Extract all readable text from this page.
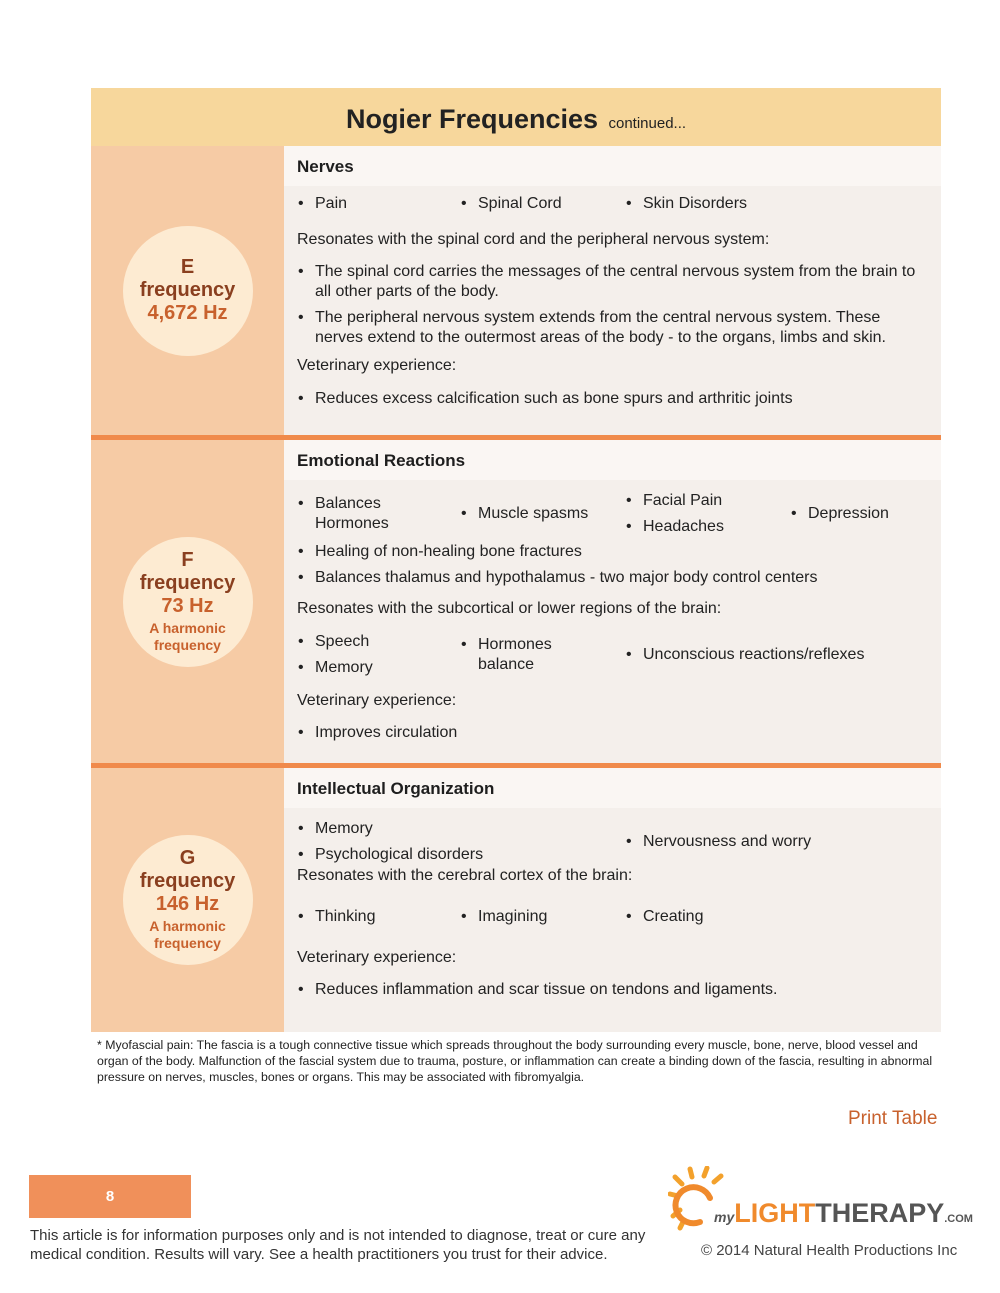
Nogier Frequencies continued...
E
frequency
4,672 Hz
Nerves
• Pain	• Spinal Cord	• Skin Disorders
Resonates with the spinal cord and the peripheral nervous system:
• The spinal cord carries the messages of the central nervous system from the brain to all other parts of the body.
• The peripheral nervous system extends from the central nervous system. These nerves extend to the outermost areas of the body - to the organs, limbs and skin.
Veterinary experience:
• Reduces excess calcification such as bone spurs and arthritic joints
F
frequency
73 Hz
A harmonic frequency
Emotional Reactions
• Balances Hormones
• Muscle spasms
• Facial Pain
• Headaches
• Depression
• Healing of non-healing bone fractures
• Balances thalamus and hypothalamus - two major body control centers
Resonates with the subcortical or lower regions of the brain:
• Speech
• Memory
• Hormones balance
• Unconscious reactions/reflexes
Veterinary experience:
• Improves circulation
G
frequency
146 Hz
A harmonic frequency
Intellectual Organization
• Memory
• Psychological disorders
• Nervousness and worry
Resonates with the cerebral cortex of the brain:
• Thinking	• Imagining	• Creating
Veterinary experience:
• Reduces inflammation and scar tissue on tendons and ligaments.
* Myofascial pain: The fascia is a tough connective tissue which spreads throughout the body surrounding every muscle, bone, nerve, blood vessel and organ of the body. Malfunction of the fascial system due to trauma, posture, or inflammation can create a binding down of the fascia, resulting in abnormal pressure on nerves, muscles, bones or organs. This may be associated with fibromyalgia.
Print Table
8
This article is for information purposes only and is not intended to diagnose, treat or cure any medical condition. Results will vary. See a health practitioners you trust for their advice.
myLIGHTTHERAPY.COM
© 2014 Natural Health Productions Inc
